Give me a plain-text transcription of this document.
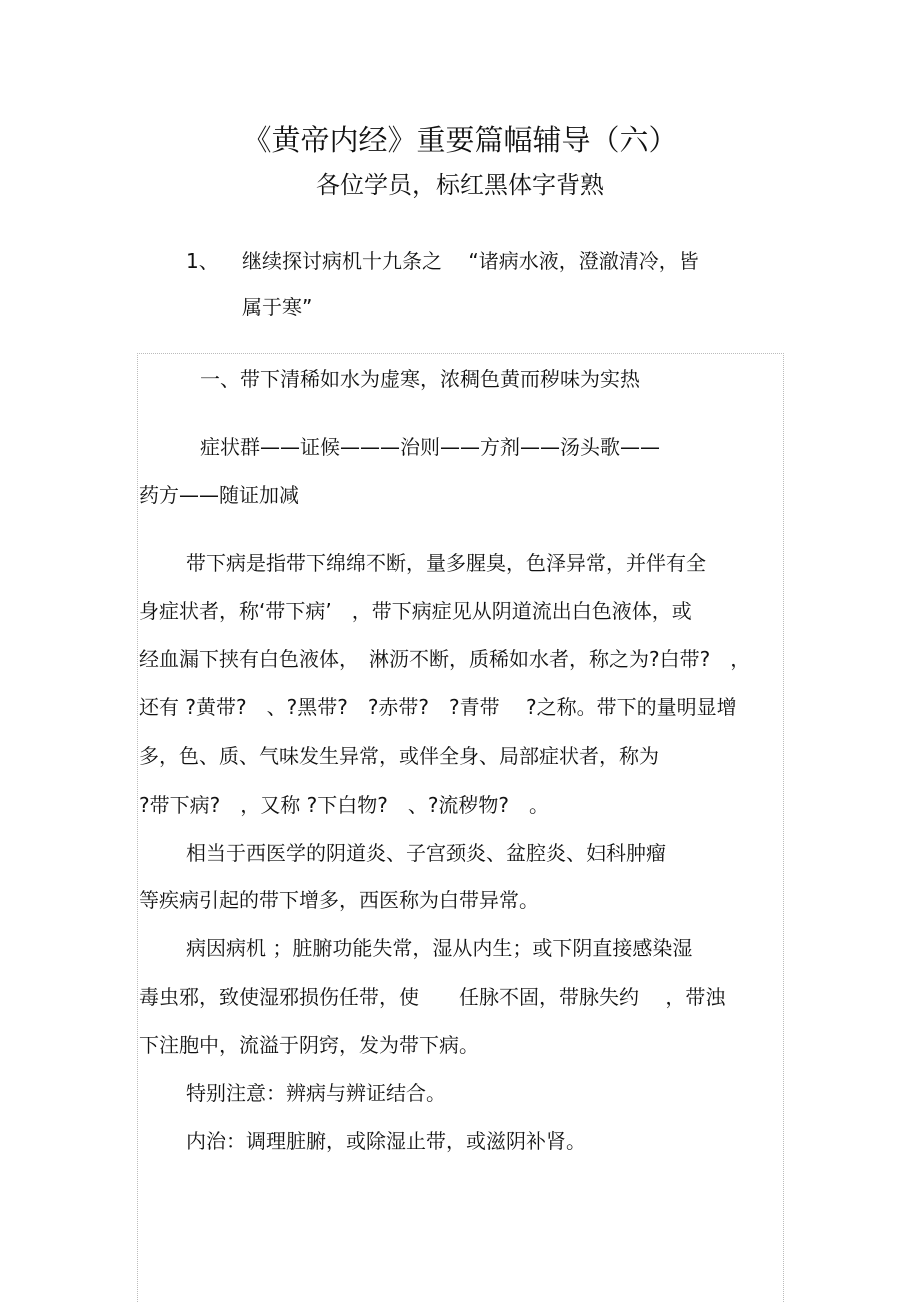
《黄帝内经》重要篇幅辅导（六）
各位学员，标红黑体字背熟
1、 继续探讨病机十九条之　 “诸病水液，澄澈清冷，皆
属于寒”
一、带下清稀如水为虚寒，浓稠色黄而秽味为实热
症状群——证候———治则——方剂——汤头歌——
药方——随证加减
带下病是指带下绵绵不断，量多腥臭，色泽异常，并伴有全
身症状者，称‘带下病’　，带下病症见从阴道流出白色液体，或
经血漏下挟有白色液体，　淋沥不断，质稀如水者，称之为?白带?　，
还有 ?黄带?　、?黑带?　?赤带?　?青带　 ?之称。带下的量明显增
多，色、质、气味发生异常，或伴全身、局部症状者，称为
?带下病?　，又称 ?下白物?　、?流秽物?　。
相当于西医学的阴道炎、子宫颈炎、盆腔炎、妇科肿瘤
等疾病引起的带下增多，西医称为白带异常。
病因病机 ；脏腑功能失常，湿从内生；或下阴直接感染湿
毒虫邪，致使湿邪损伤任带，使　　任脉不固，带脉失约　 ，带浊
下注胞中，流溢于阴窍，发为带下病。
特别注意：辨病与辨证结合。
内治：调理脏腑，或除湿止带，或滋阴补肾。
